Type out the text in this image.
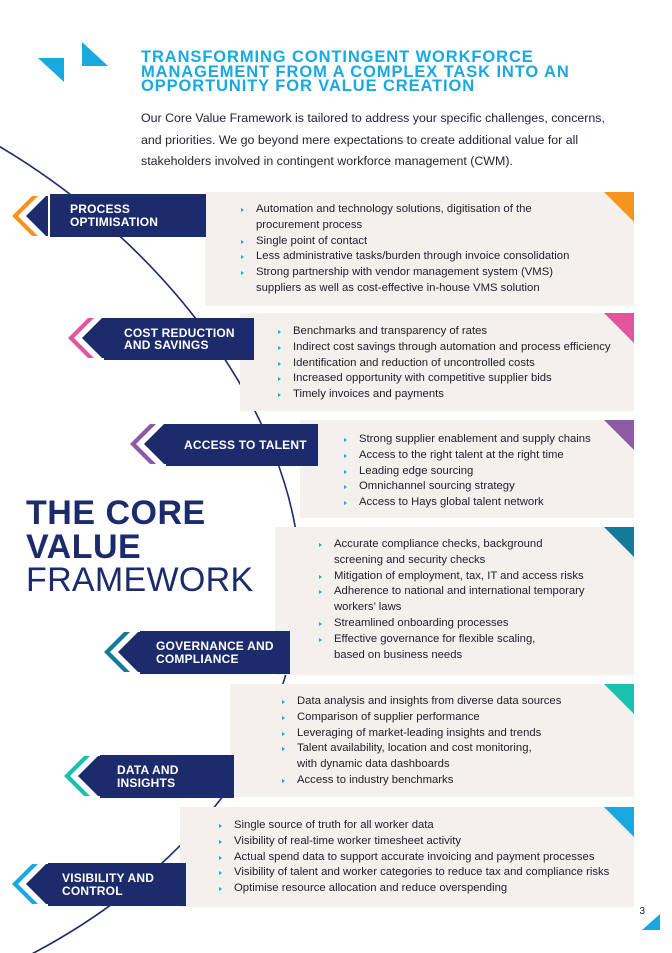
TRANSFORMING CONTINGENT WORKFORCE MANAGEMENT FROM A COMPLEX TASK INTO AN OPPORTUNITY FOR VALUE CREATION
Our Core Value Framework is tailored to address your specific challenges, concerns, and priorities. We go beyond mere expectations to create additional value for all stakeholders involved in contingent workforce management (CWM).
THE CORE VALUE
FRAMEWORK
PROCESS OPTIMISATION
Automation and technology solutions, digitisation of the procurement process
Single point of contact
Less administrative tasks/burden through invoice consolidation
Strong partnership with vendor management system (VMS) suppliers as well as cost-effective in-house VMS solution
COST REDUCTION AND SAVINGS
Benchmarks and transparency of rates
Indirect cost savings through automation and process efficiency
Identification and reduction of uncontrolled costs
Increased opportunity with competitive supplier bids
Timely invoices and payments
ACCESS TO TALENT	Strong supplier enablement and supply chains
Access to the right talent at the right time
Leading edge sourcing
Omnichannel sourcing strategy
Access to Hays global talent network
GOVERNANCE AND COMPLIANCE
Accurate compliance checks, background screening and security checks
Mitigation of employment, tax, IT and access risks
Adherence to national and international temporary workers’ laws
Streamlined onboarding processes
Effective governance for flexible scaling, based on business needs
DATA AND INSIGHTS
Data analysis and insights from diverse data sources
Comparison of supplier performance
Leveraging of market-leading insights and trends
Talent availability, location and cost monitoring, with dynamic data dashboards
Access to industry benchmarks
VISIBILITY AND CONTROL
Single source of truth for all worker data
Visibility of real-time worker timesheet activity
Actual spend data to support accurate invoicing and payment processes
Visibility of talent and worker categories to reduce tax and compliance risks
Optimise resource allocation and reduce overspending
3
